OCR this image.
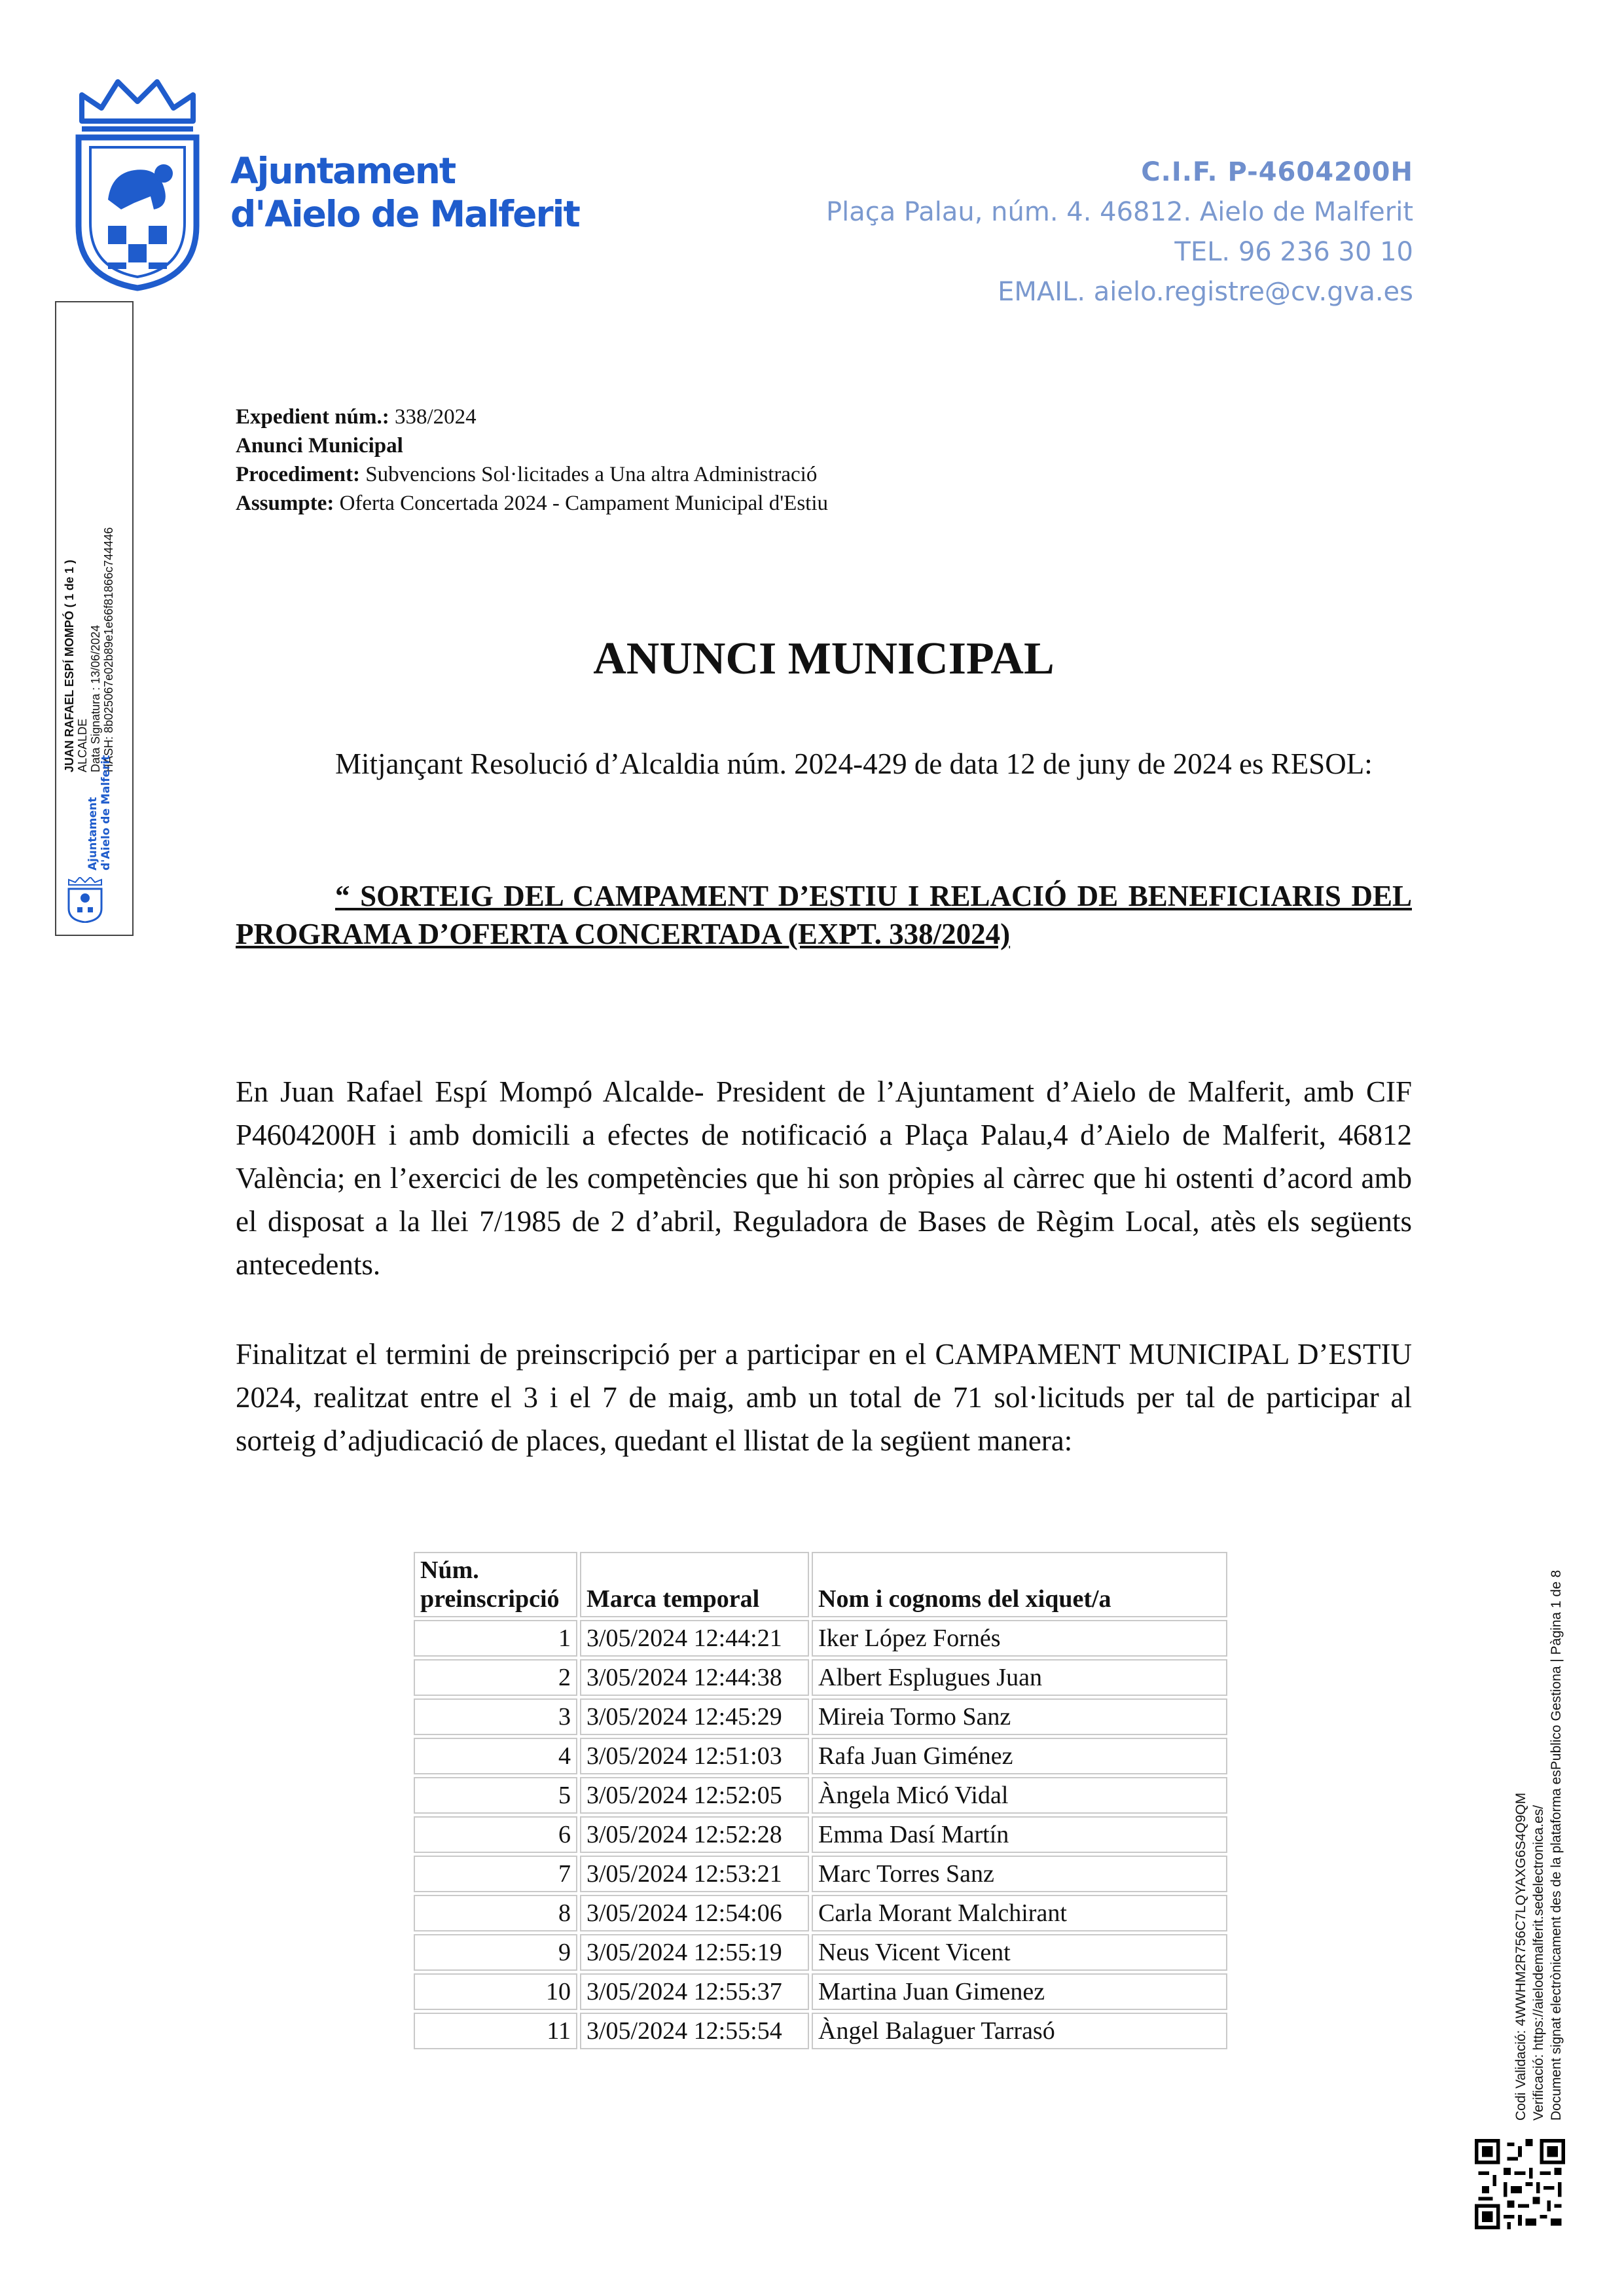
Ajuntament
d'Aielo de Malferit
C.I.F. P-4604200H
Plaça Palau, núm. 4. 46812. Aielo de Malferit
TEL. 96 236 30 10
EMAIL. aielo.registre@cv.gva.es
JUAN RAFAEL ESPÍ MOMPÓ ( 1 de 1 ) ALCALDE Data Signatura : 13/06/2024 HASH: 8b025067e02b89e1e66f81866c744446
Ajuntament d'Aielo de Malferit
Codi Validació: 4WWHM2R756C7LQYAXG6S4Q9QM Verificació: https://aielodemalferit.sedelectronica.es/ Document signat electrònicament des de la plataforma esPublico Gestiona | Pàgina 1 de 8
Expedient núm.: 338/2024
Anunci Municipal
Procediment: Subvencions Sol·licitades a Una altra Administració
Assumpte: Oferta Concertada 2024 - Campament Municipal d'Estiu
ANUNCI MUNICIPAL
Mitjançant Resolució d’Alcaldia núm. 2024-429 de data 12 de juny de 2024 es RESOL:
“ SORTEIG DEL CAMPAMENT D’ESTIU I RELACIÓ DE BENEFICIARIS DEL PROGRAMA D’OFERTA CONCERTADA (EXPT. 338/2024)
En Juan Rafael Espí Mompó Alcalde- President de l’Ajuntament d’Aielo de Malferit, amb CIF P4604200H i amb domicili a efectes de notificació a Plaça Palau,4 d’Aielo de Malferit, 46812 València; en l’exercici de les competències que hi son pròpies al càrrec que hi ostenti d’acord amb el disposat a la llei 7/1985 de 2 d’abril, Reguladora de Bases de Règim Local, atès els següents antecedents.
Finalitzat el termini de preinscripció per a participar en el CAMPAMENT MUNICIPAL D’ESTIU 2024, realitzat entre el 3 i el 7 de maig, amb un total de 71 sol·licituds per tal de participar al sorteig d’adjudicació de places, quedant el llistat de la següent manera:
Núm.
preinscripció	Marca temporal	Nom i cognoms del xiquet/a
1	3/05/2024 12:44:21	Iker López Fornés
2	3/05/2024 12:44:38	Albert Esplugues Juan
3	3/05/2024 12:45:29	Mireia Tormo Sanz
4	3/05/2024 12:51:03	Rafa Juan Giménez
5	3/05/2024 12:52:05	Àngela Micó Vidal
6	3/05/2024 12:52:28	Emma Dasí Martín
7	3/05/2024 12:53:21	Marc Torres Sanz
8	3/05/2024 12:54:06	Carla Morant Malchirant
9	3/05/2024 12:55:19	Neus Vicent Vicent
10	3/05/2024 12:55:37	Martina Juan Gimenez
11	3/05/2024 12:55:54	Àngel Balaguer Tarrasó
